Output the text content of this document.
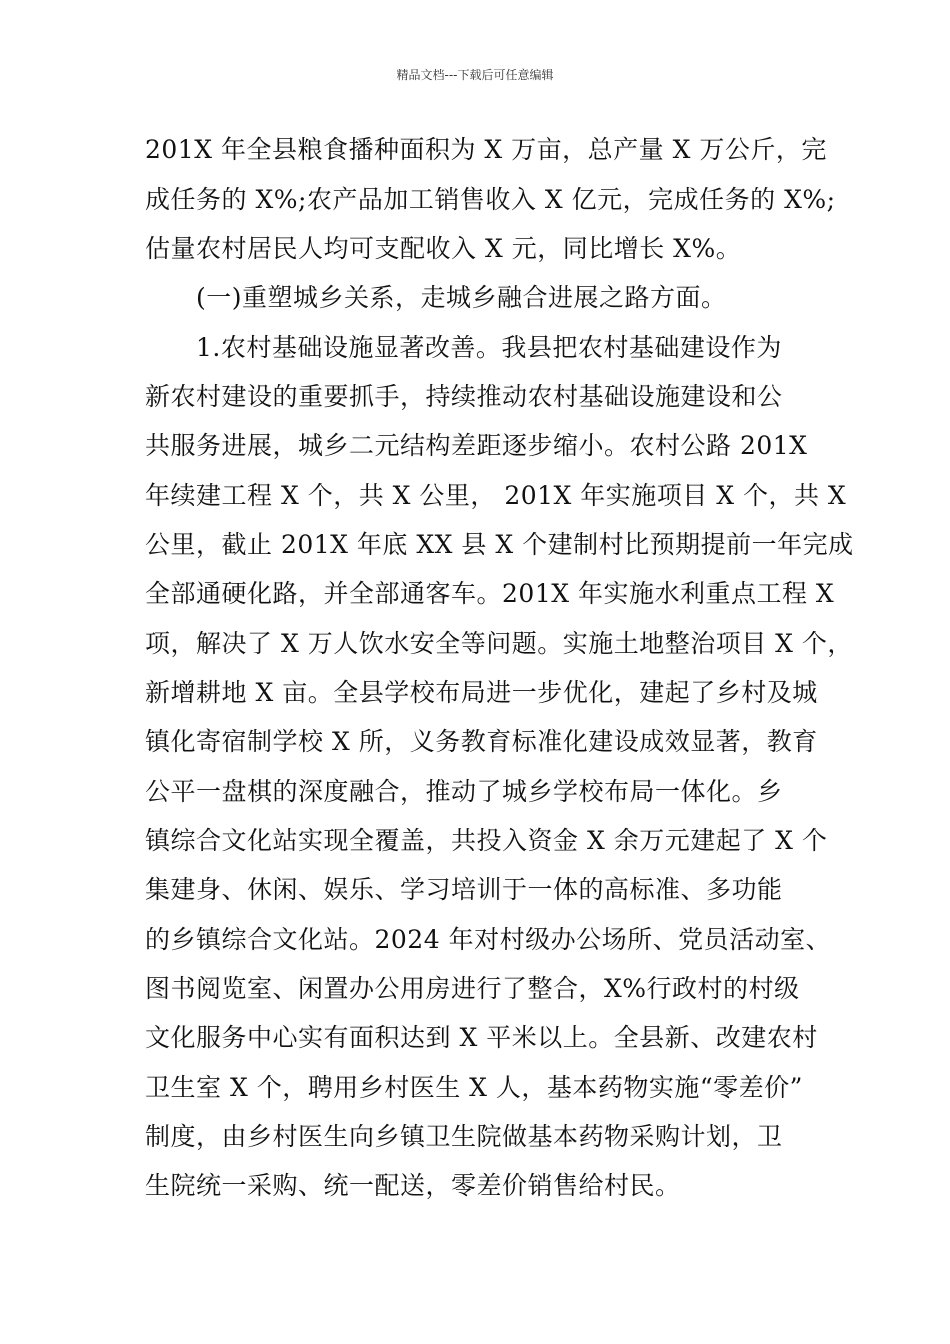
精品文档---下载后可任意编辑
201X 年全县粮食播种面积为 X 万亩，总产量 X 万公斤，完
成任务的 X%;农产品加工销售收入 X 亿元，完成任务的 X%;
估量农村居民人均可支配收入 X 元，同比增长 X%。
(一)重塑城乡关系，走城乡融合进展之路方面。
1.农村基础设施显著改善。我县把农村基础建设作为
新农村建设的重要抓手，持续推动农村基础设施建设和公
共服务进展，城乡二元结构差距逐步缩小。农村公路 201X
年续建工程 X 个，共 X 公里， 201X 年实施项目 X 个，共 X
公里，截止 201X 年底 XX 县 X 个建制村比预期提前一年完成
全部通硬化路，并全部通客车。201X 年实施水利重点工程 X
项，解决了 X 万人饮水安全等问题。实施土地整治项目 X 个，
新增耕地 X 亩。全县学校布局进一步优化，建起了乡村及城
镇化寄宿制学校 X 所，义务教育标准化建设成效显著，教育
公平一盘棋的深度融合，推动了城乡学校布局一体化。乡
镇综合文化站实现全覆盖，共投入资金 X 余万元建起了 X 个
集建身、休闲、娱乐、学习培训于一体的高标准、多功能
的乡镇综合文化站。2024 年对村级办公场所、党员活动室、
图书阅览室、闲置办公用房进行了整合，X%行政村的村级
文化服务中心实有面积达到 X 平米以上。全县新、改建农村
卫生室 X 个，聘用乡村医生 X 人，基本药物实施“零差价”
制度，由乡村医生向乡镇卫生院做基本药物采购计划，卫
生院统一采购、统一配送，零差价销售给村民。
